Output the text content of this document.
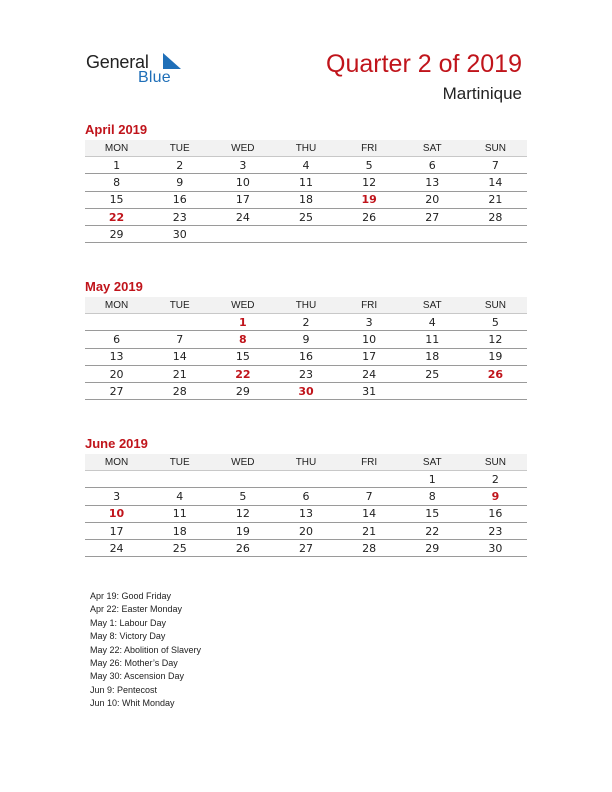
General
Blue	Quarter 2 of 2019
Martinique
April 2019
MON	TUE	WED	THU	FRI	SAT	SUN
1	2	3	4	5	6	7
8	9	10	11	12	13	14
15	16	17	18	19	20	21
22	23	24	25	26	27	28
29	30					
May 2019
MON	TUE	WED	THU	FRI	SAT	SUN
		1	2	3	4	5
6	7	8	9	10	11	12
13	14	15	16	17	18	19
20	21	22	23	24	25	26
27	28	29	30	31		
June 2019
MON	TUE	WED	THU	FRI	SAT	SUN
					1	2
3	4	5	6	7	8	9
10	11	12	13	14	15	16
17	18	19	20	21	22	23
24	25	26	27	28	29	30
Apr 19: Good Friday
Apr 22: Easter Monday
May 1: Labour Day
May 8: Victory Day
May 22: Abolition of Slavery
May 26: Mother’s Day
May 30: Ascension Day
Jun 9: Pentecost
Jun 10: Whit Monday
